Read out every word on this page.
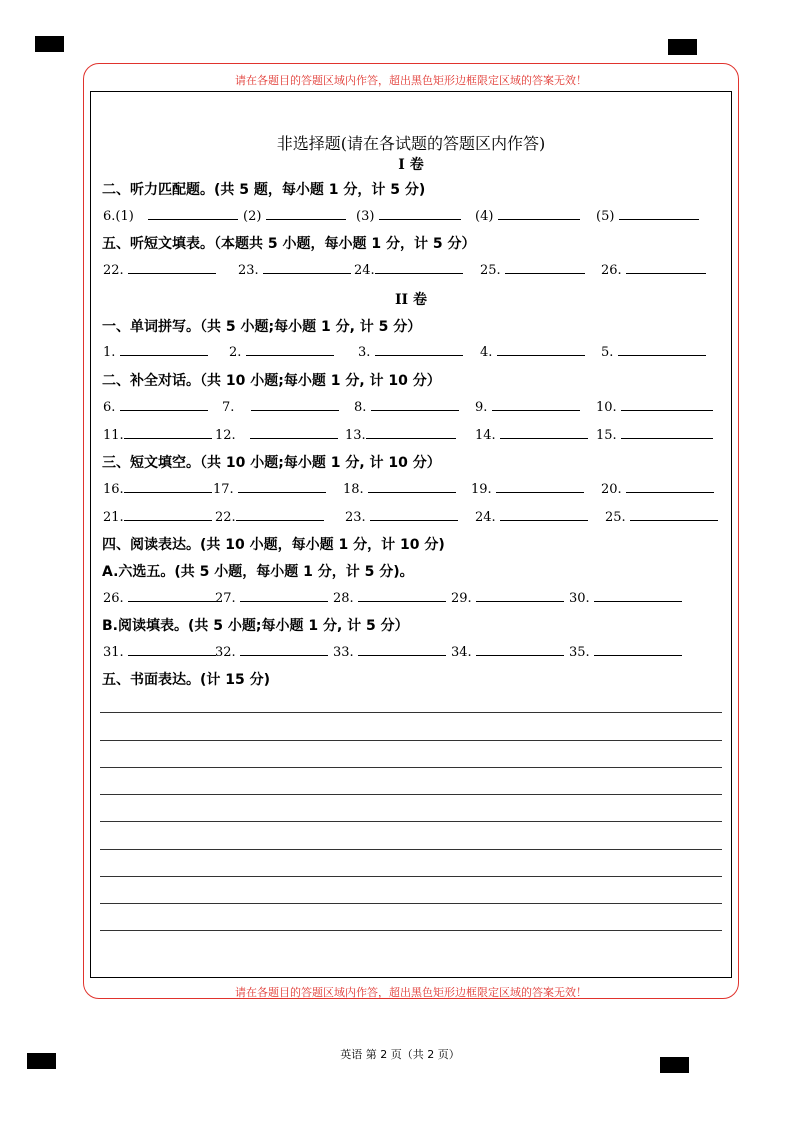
请在各题目的答题区域内作答，超出黑色矩形边框限定区域的答案无效！
请在各题目的答题区域内作答，超出黑色矩形边框限定区域的答案无效！
非选择题(请在各试题的答题区内作答)
I 卷
二、听力匹配题。(共 5 题，每小题 1 分，计 5 分)
6.(1)	(2)	(3)	(4)	(5)
五、听短文填表。（本题共 5 小题，每小题 1 分，计 5 分）
22.	23.	24.	25.	26.
II 卷
一、单词拼写。（共 5 小题;每小题 1 分, 计 5 分）
1.	2.	3.	4.	5.
二、补全对话。（共 10 小题;每小题 1 分, 计 10 分）
6.	7.	8.	9.	10.
11.	12.	13.	14.	15.
三、短文填空。（共 10 小题;每小题 1 分, 计 10 分）
16.	17.	18.	19.	20.
21.	22.	23.	24.	25.
四、阅读表达。(共 10 小题，每小题 1 分，计 10 分)
A.六选五。(共 5 小题，每小题 1 分，计 5 分)。
26.	27.	28.	29.	30.
B.阅读填表。(共 5 小题;每小题 1 分, 计 5 分）
31.	32.	33.	34.	35.
五、书面表达。(计 15 分)
英语 第 2 页（共 2 页）
